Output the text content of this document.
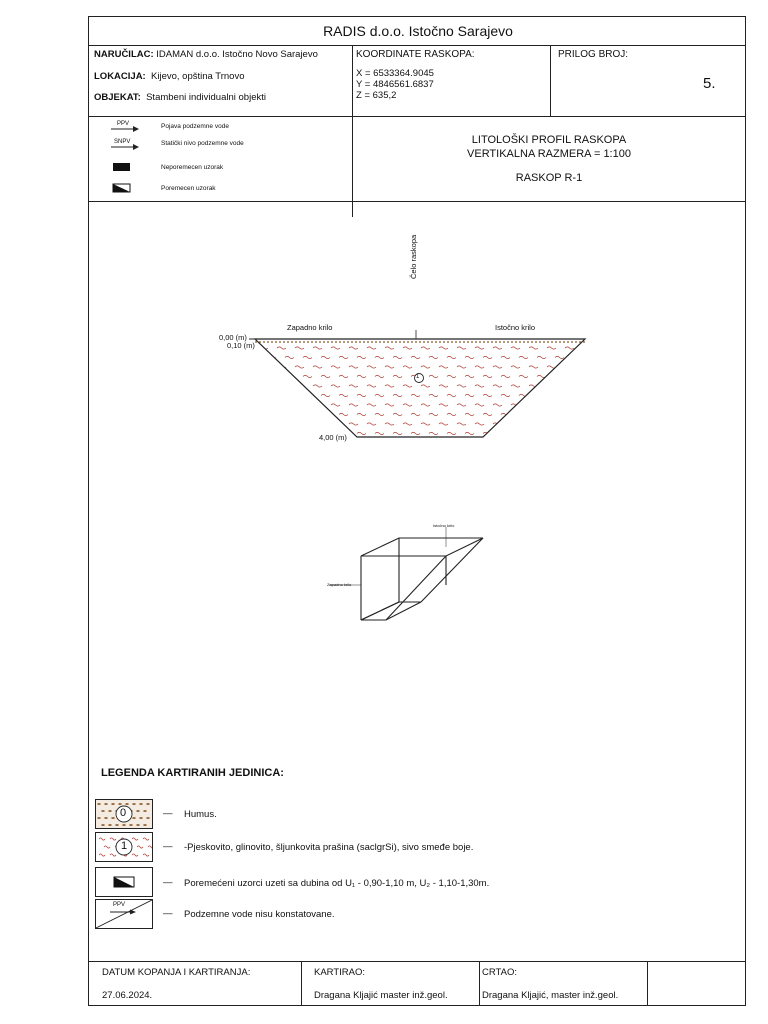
RADIS d.o.o. Istočno Sarajevo
NARUČILAC: IDAMAN d.o.o. Istočno Novo Sarajevo
LOKACIJA: Kijevo, opština Trnovo
OBJEKAT: Stambeni individualni objekti
KOORDINATE RASKOPA:
X = 6533364.9045
Y = 4846561.6837
Z = 635,2
PRILOG BROJ:
5.
PPV
SNPV
Pojava podzemne vode
Statički nivo podzemne vode
Neporemecen uzorak
Poremecen uzorak
LITOLOŠKI PROFIL RASKOPA
VERTIKALNA RAZMERA = 1:100
RASKOP R-1
Čelo raskopa
Zapadno krilo	Istočno krilo
0,00 (m)
0,10 (m)
4,00 (m)
1
Istočno krilo
Zapadno krilo
LEGENDA KARTIRANIH JEDINICA:
0	— Humus.
1	— -Pjeskovito, glinovito, šljunkovita prašina (saclgrSi), sivo smeđe boje.
— Poremećeni uzorci uzeti sa dubina od U₁ - 0,90-1,10 m, U₂ - 1,10-1,30m.
PPV
— Podzemne vode nisu konstatovane.
DATUM KOPANJA I KARTIRANJA:
27.06.2024.
KARTIRAO:
Dragana Kljajić master inž.geol.
CRTAO:
Dragana Kljajić, master inž.geol.
